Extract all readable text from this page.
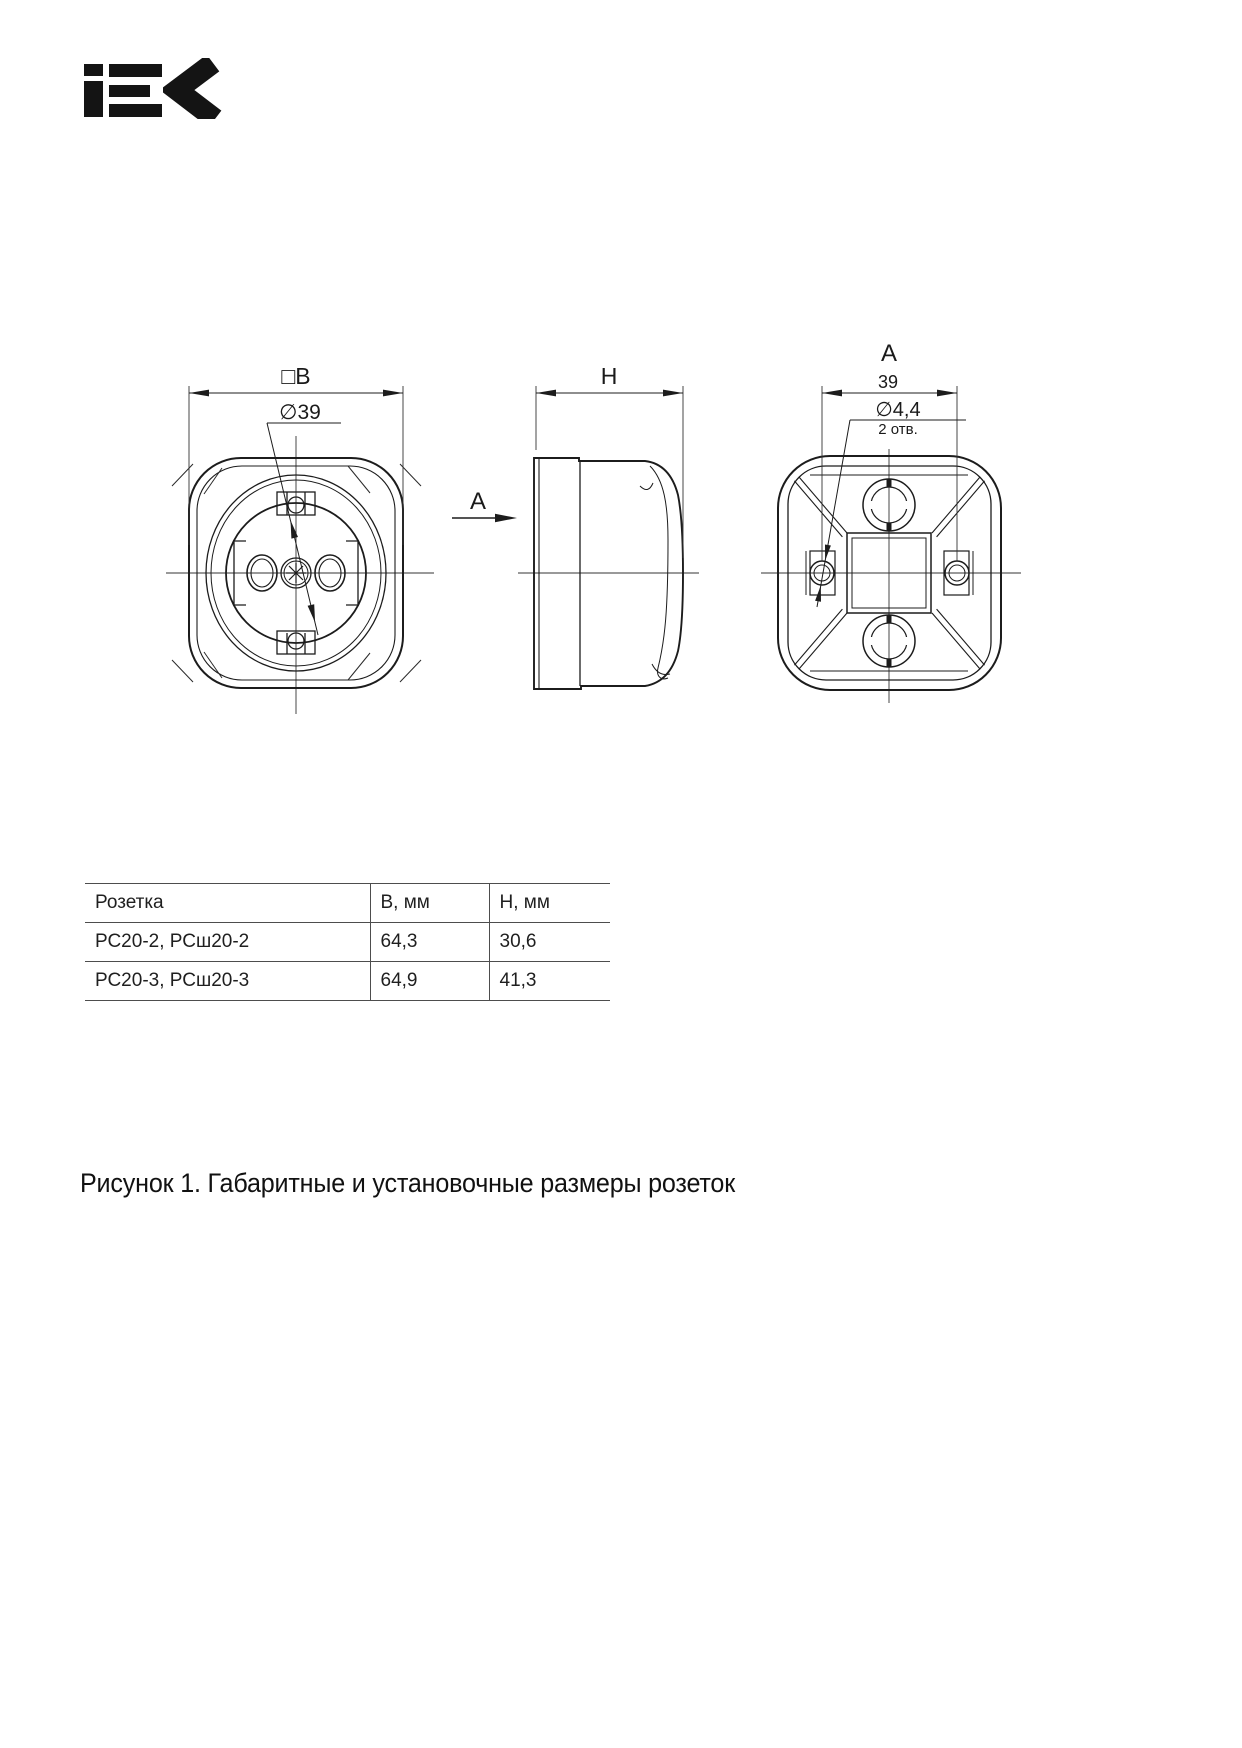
□B
∅39
A
H
A
39
∅4,4
2 отв.
Розетка	B, мм	H, мм
РС20-2, РСш20-2	64,3	30,6
РС20-3, РСш20-3	64,9	41,3
Рисунок 1. Габаритные и установочные размеры розеток
